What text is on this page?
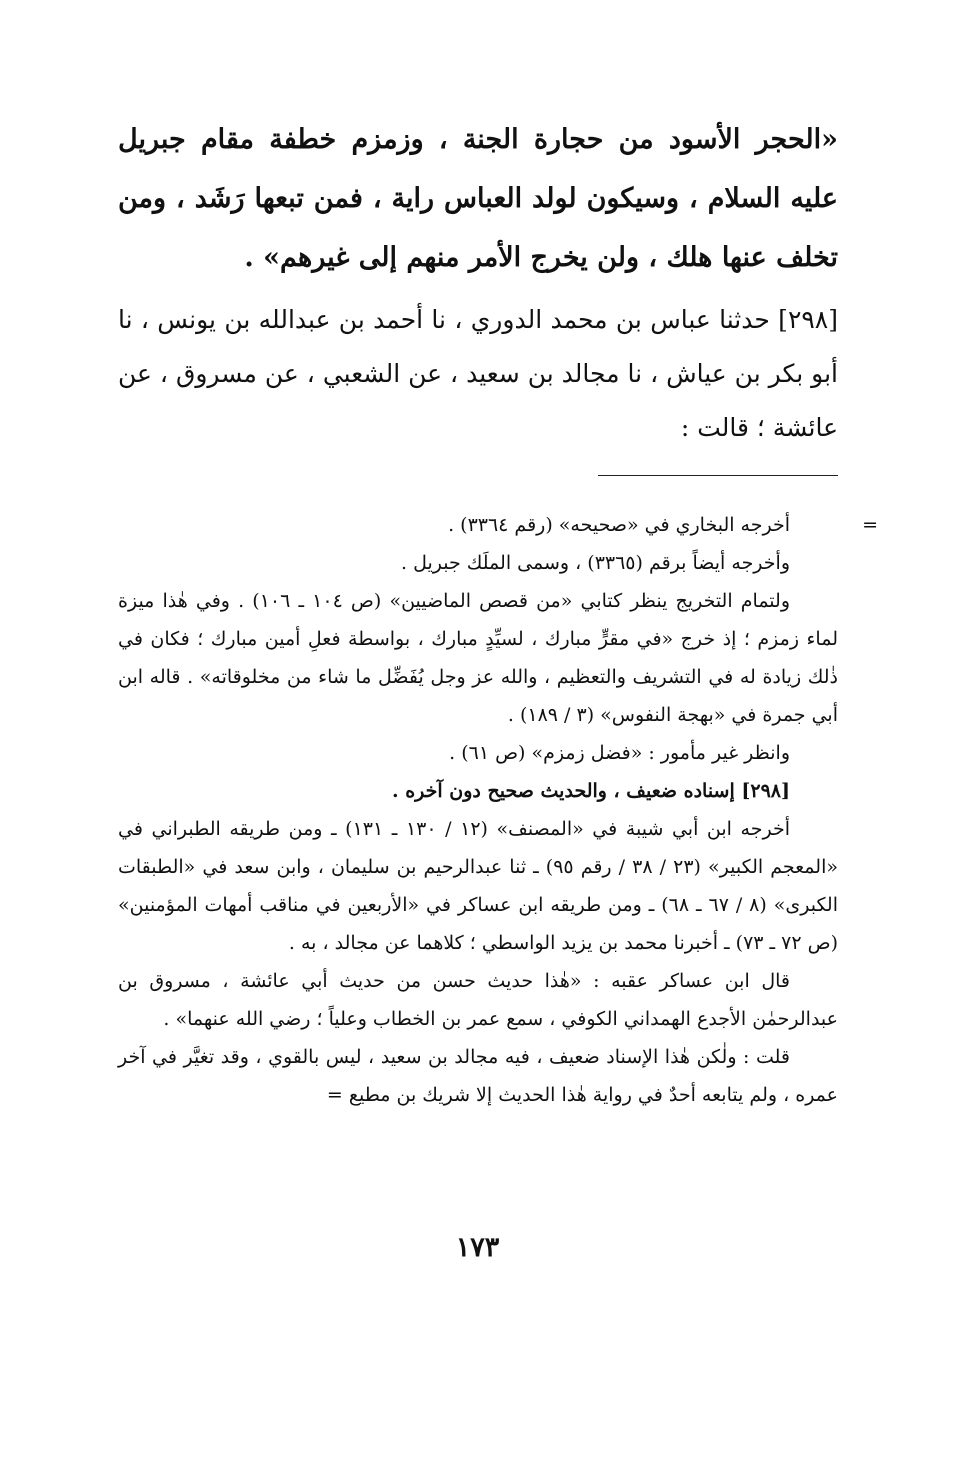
«الحجر الأسود من حجارة الجنة ، وزمزم خطفة مقام جبريل عليه السلام ، وسيكون لولد العباس راية ، فمن تبعها رَشَد ، ومن تخلف عنها هلك ، ولن يخرج الأمر منهم إلى غيرهم» .

[٢٩٨] حدثنا عباس بن محمد الدوري ، نا أحمد بن عبدالله بن يونس ، نا أبو بكر بن عياش ، نا مجالد بن سعيد ، عن الشعبي ، عن مسروق ، عن عائشة ؛ قالت :

=

أخرجه البخاري في «صحيحه» (رقم ٣٣٦٤) .

وأخرجه أيضاً برقم (٣٣٦٥) ، وسمى الملَك جبريل .

ولتمام التخريج ينظر كتابي «من قصص الماضيين» (ص ١٠٤ ـ ١٠٦) . وفي هٰذا ميزة لماء زمزم ؛ إذ خرج «في مقرٍّ مبارك ، لسيِّدٍ مبارك ، بواسطة فعلِ أمين مبارك ؛ فكان في ذٰلك زيادة له في التشريف والتعظيم ، والله عز وجل يُفَضِّل ما شاء من مخلوقاته» . قاله ابن أبي جمرة في «بهجة النفوس» (٣ / ١٨٩) .

وانظر غير مأمور : «فضل زمزم» (ص ٦١) .

[٢٩٨] إسناده ضعيف ، والحديث صحيح دون آخره .

أخرجه ابن أبي شيبة في «المصنف» (١٢ / ١٣٠ ـ ١٣١) ـ ومن طريقه الطبراني في «المعجم الكبير» (٢٣ / ٣٨ / رقم ٩٥) ـ ثنا عبدالرحيم بن سليمان ، وابن سعد في «الطبقات الكبرى» (٨ / ٦٧ ـ ٦٨) ـ ومن طريقه ابن عساكر في «الأربعين في مناقب أمهات المؤمنين» (ص ٧٢ ـ ٧٣) ـ أخبرنا محمد بن يزيد الواسطي ؛ كلاهما عن مجالد ، به .

قال ابن عساكر عقبه : «هٰذا حديث حسن من حديث أبي عائشة ، مسروق بن عبدالرحمٰن الأجدع الهمداني الكوفي ، سمع عمر بن الخطاب وعلياً ؛ رضي الله عنهما» .

قلت : ولٰكن هٰذا الإسناد ضعيف ، فيه مجالد بن سعيد ، ليس بالقوي ، وقد تغيَّر في آخر عمره ، ولم يتابعه أحدٌ في رواية هٰذا الحديث إلا شريك بن مطيع =

١٧٣
